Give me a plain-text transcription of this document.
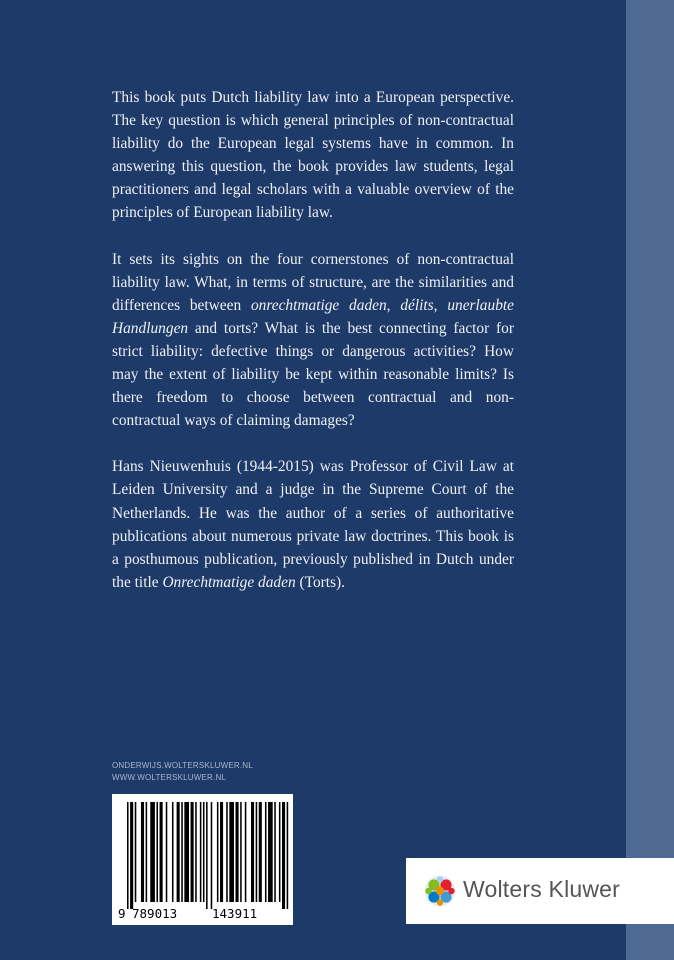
This book puts Dutch liability law into a European perspective. The key question is which general principles of non-contractual liability do the European legal systems have in common. In answering this question, the book provides law students, legal practitioners and legal scholars with a valuable overview of the principles of European liability law.

It sets its sights on the four cornerstones of non-contractual liability law. What, in terms of structure, are the similarities and differences between onrechtmatige daden, délits, unerlaubte Handlungen and torts? What is the best connecting factor for strict liability: defective things or dangerous activities? How may the extent of liability be kept within reasonable limits? Is there freedom to choose between contractual and non-contractual ways of claiming damages?

Hans Nieuwenhuis (1944-2015) was Professor of Civil Law at Leiden University and a judge in the Supreme Court of the Netherlands. He was the author of a series of authoritative publications about numerous private law doctrines. This book is a posthumous publication, previously published in Dutch under the title Onrechtmatige daden (Torts).

ONDERWIJS.WOLTERSKLUWER.NL
WWW.WOLTERSKLUWER.NL
9 789013	143911
Wolters Kluwer
